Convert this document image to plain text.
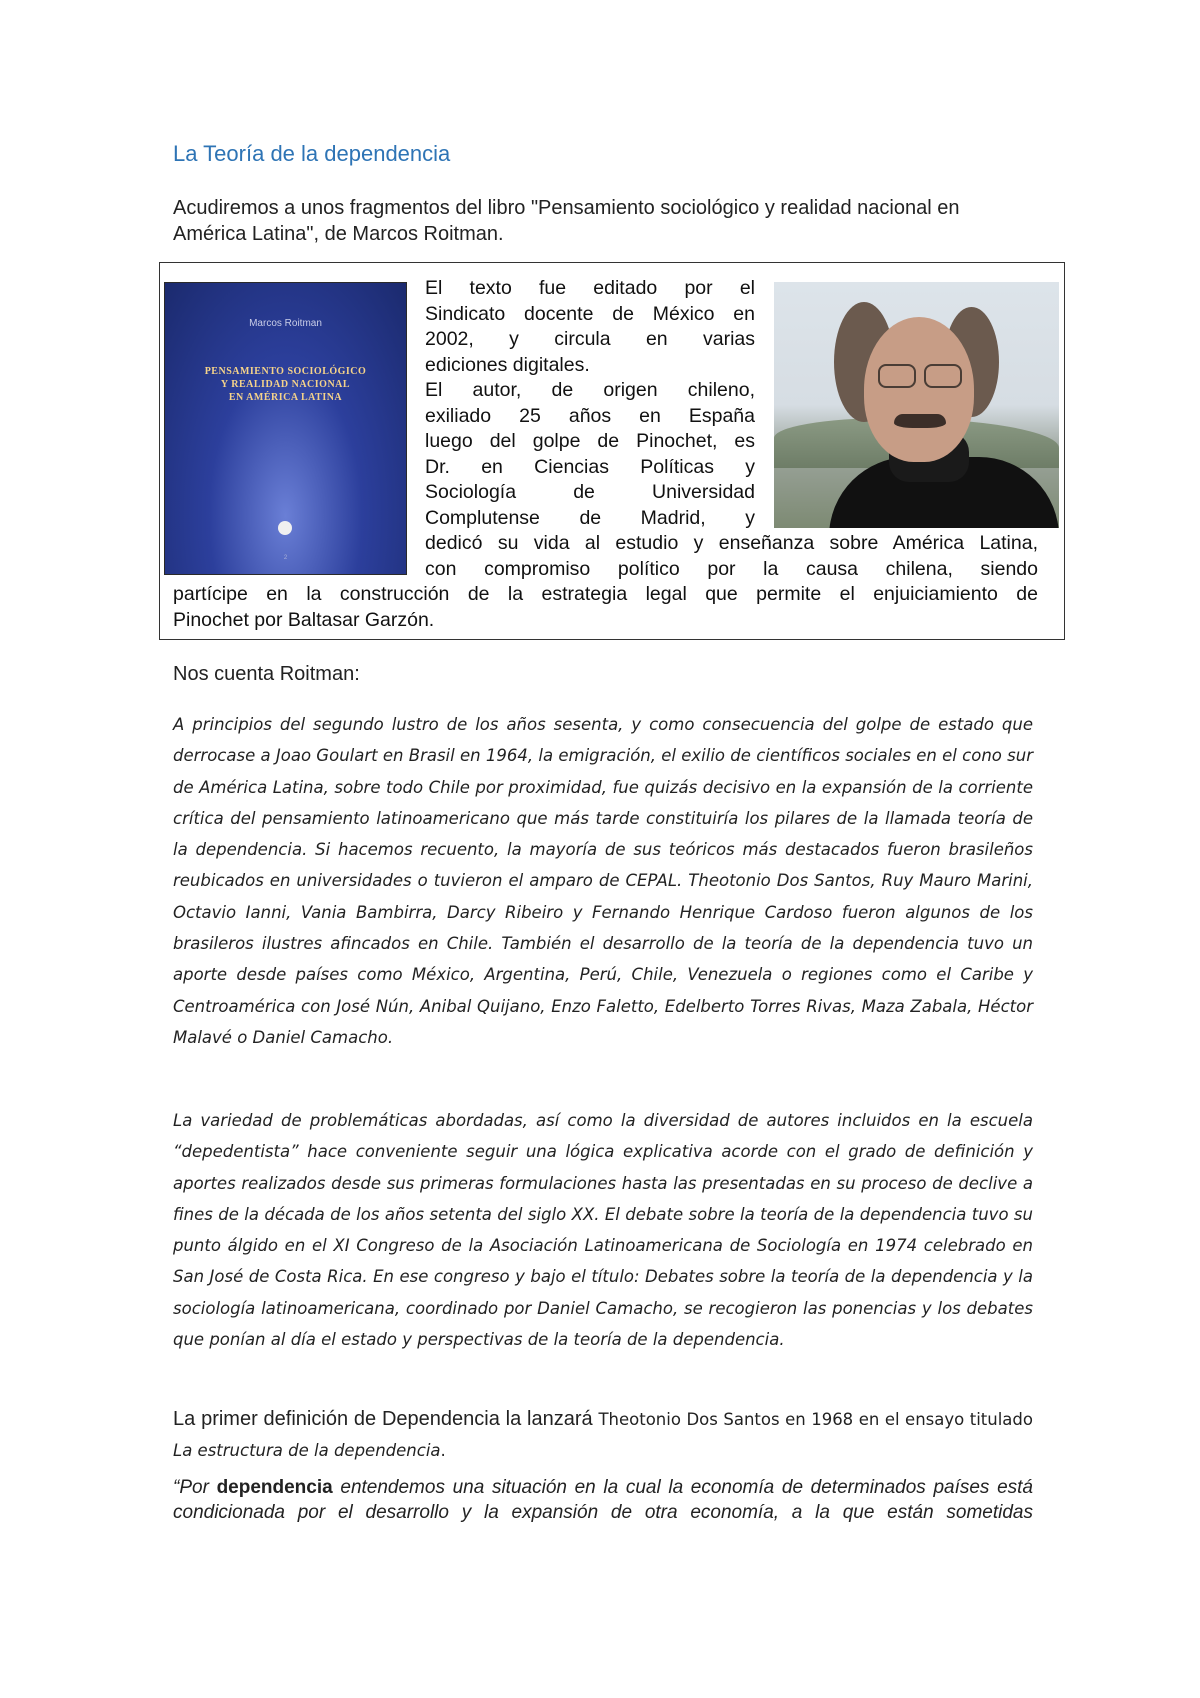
La Teoría de la dependencia

Acudiremos a unos fragmentos del libro "Pensamiento sociológico y realidad nacional en América Latina", de Marcos Roitman.

Marcos Roitman
PENSAMIENTO SOCIOLÓGICO
Y REALIDAD NACIONAL
EN AMÉRICA LATINA
2

El texto fue editado por el

Sindicato docente de México en

2002, y circula en varias

ediciones digitales.

El autor, de origen chileno,

exiliado 25 años en España

luego del golpe de Pinochet, es

Dr. en Ciencias Políticas y

Sociología de Universidad

Complutense de Madrid, y

dedicó su vida al estudio y enseñanza sobre América Latina,

con compromiso político por la causa chilena, siendo

partícipe en la construcción de la estrategia legal que permite el enjuiciamiento de

Pinochet por Baltasar Garzón.

Nos cuenta Roitman:

A principios del segundo lustro de los años sesenta, y como consecuencia del golpe de estado que derrocase a Joao Goulart en Brasil en 1964, la emigración, el exilio de científicos sociales en el cono sur de América Latina, sobre todo Chile por proximidad, fue quizás decisivo en la expansión de la corriente crítica del pensamiento latinoamericano que más tarde constituiría los pilares de la llamada teoría de la dependencia. Si hacemos recuento, la mayoría de sus teóricos más destacados fueron brasileños reubicados en universidades o tuvieron el amparo de CEPAL. Theotonio Dos Santos, Ruy Mauro Marini, Octavio Ianni, Vania Bambirra, Darcy Ribeiro y Fernando Henrique Cardoso fueron algunos de los brasileros ilustres afincados en Chile. También el desarrollo de la teoría de la dependencia tuvo un aporte desde países como México, Argentina, Perú, Chile, Venezuela o regiones como el Caribe y Centroamérica con José Nún, Anibal Quijano, Enzo Faletto, Edelberto Torres Rivas, Maza Zabala, Héctor Malavé o Daniel Camacho.

La variedad de problemáticas abordadas, así como la diversidad de autores incluidos en la escuela “depedentista” hace conveniente seguir una lógica explicativa acorde con el grado de definición y aportes realizados desde sus primeras formulaciones hasta las presentadas en su proceso de declive a fines de la década de los años setenta del siglo XX. El debate sobre la teoría de la dependencia tuvo su punto álgido en el XI Congreso de la Asociación Latinoamericana de Sociología en 1974 celebrado en San José de Costa Rica. En ese congreso y bajo el título: Debates sobre la teoría de la dependencia y la sociología latinoamericana, coordinado por Daniel Camacho, se recogieron las ponencias y los debates que ponían al día el estado y perspectivas de la teoría de la dependencia.

La primer definición de Dependencia la lanzará Theotonio Dos Santos en 1968 en el ensayo titulado La estructura de la dependencia.

“Por dependencia entendemos una situación en la cual la economía de determinados países está condicionada por el desarrollo y la expansión de otra economía, a la que están sometidas
